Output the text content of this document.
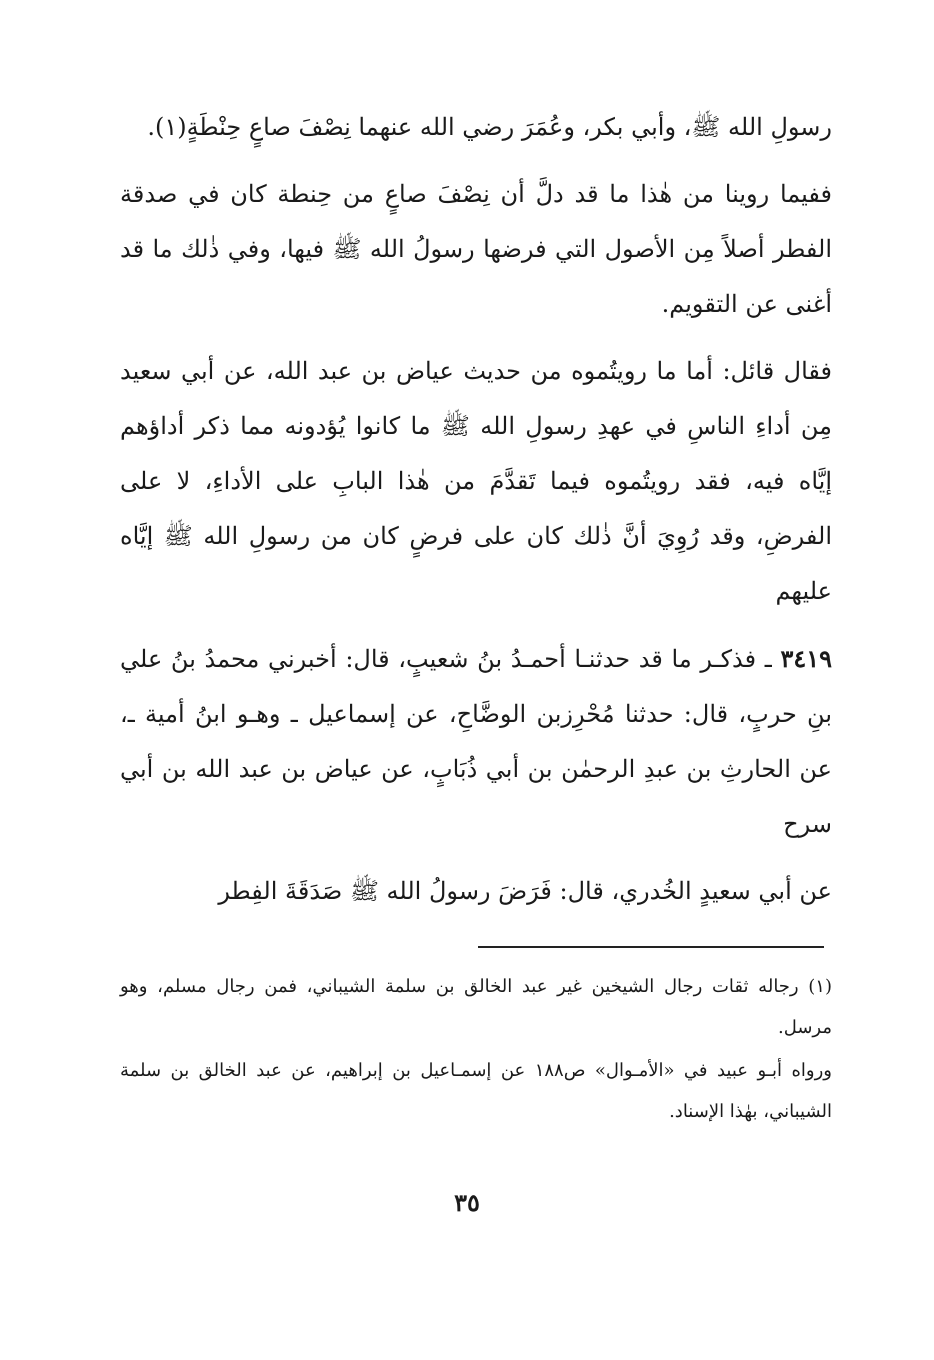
رسولِ الله ﷺ، وأبي بكر، وعُمَرَ رضي الله عنهما نِصْفَ صاعٍ حِنْطَةٍ(١).

ففيما روينا من هٰذا ما قد دلَّ أن نِصْفَ صاعٍ من حِنطة كان في صدقة الفطر أصلاً مِن الأصول التي فرضها رسولُ الله ﷺ فيها، وفي ذٰلك ما قد أغنى عن التقويم.

فقال قائل: أما ما رويتُموه من حديث عياض بن عبد الله، عن أبي سعيد مِن أداءِ الناسِ في عهدِ رسولِ الله ﷺ ما كانوا يُؤدونه مما ذكر أداؤهم إيَّاه فيه، فقد رويتُموه فيما تَقدَّمَ من هٰذا البابِ على الأداءِ، لا على الفرضِ، وقد رُوِيَ أنَّ ذٰلك كان على فرضٍ كان من رسولِ الله ﷺ إيَّاه عليهم

٣٤١٩ ـ فذكـر ما قد حدثنـا أحمـدُ بنُ شعيبٍ، قال: أخبرني محمدُ بنُ علي بنِ حربٍ، قال: حدثنا مُحْرِزبن الوضَّاحِ، عن إسماعيل ـ وهـو ابنُ أمية ـ، عن الحارثِ بن عبدِ الرحمٰن بن أبي ذُبَابٍ، عن عياض بن عبد الله بن أبي سرح

عن أبي سعيدٍ الخُدري، قال: فَرَضَ رسولُ الله ﷺ صَدَقَةَ الفِطر

(١) رجاله ثقات رجال الشيخين غير عبد الخالق بن سلمة الشيباني، فمن رجال مسلم، وهو مرسل.

ورواه أبـو عبيد في «الأمـوال» ص١٨٨ عن إسمـاعيل بن إبراهيم، عن عبد الخالق بن سلمة الشيباني، بهٰذا الإسناد.

٣٥
